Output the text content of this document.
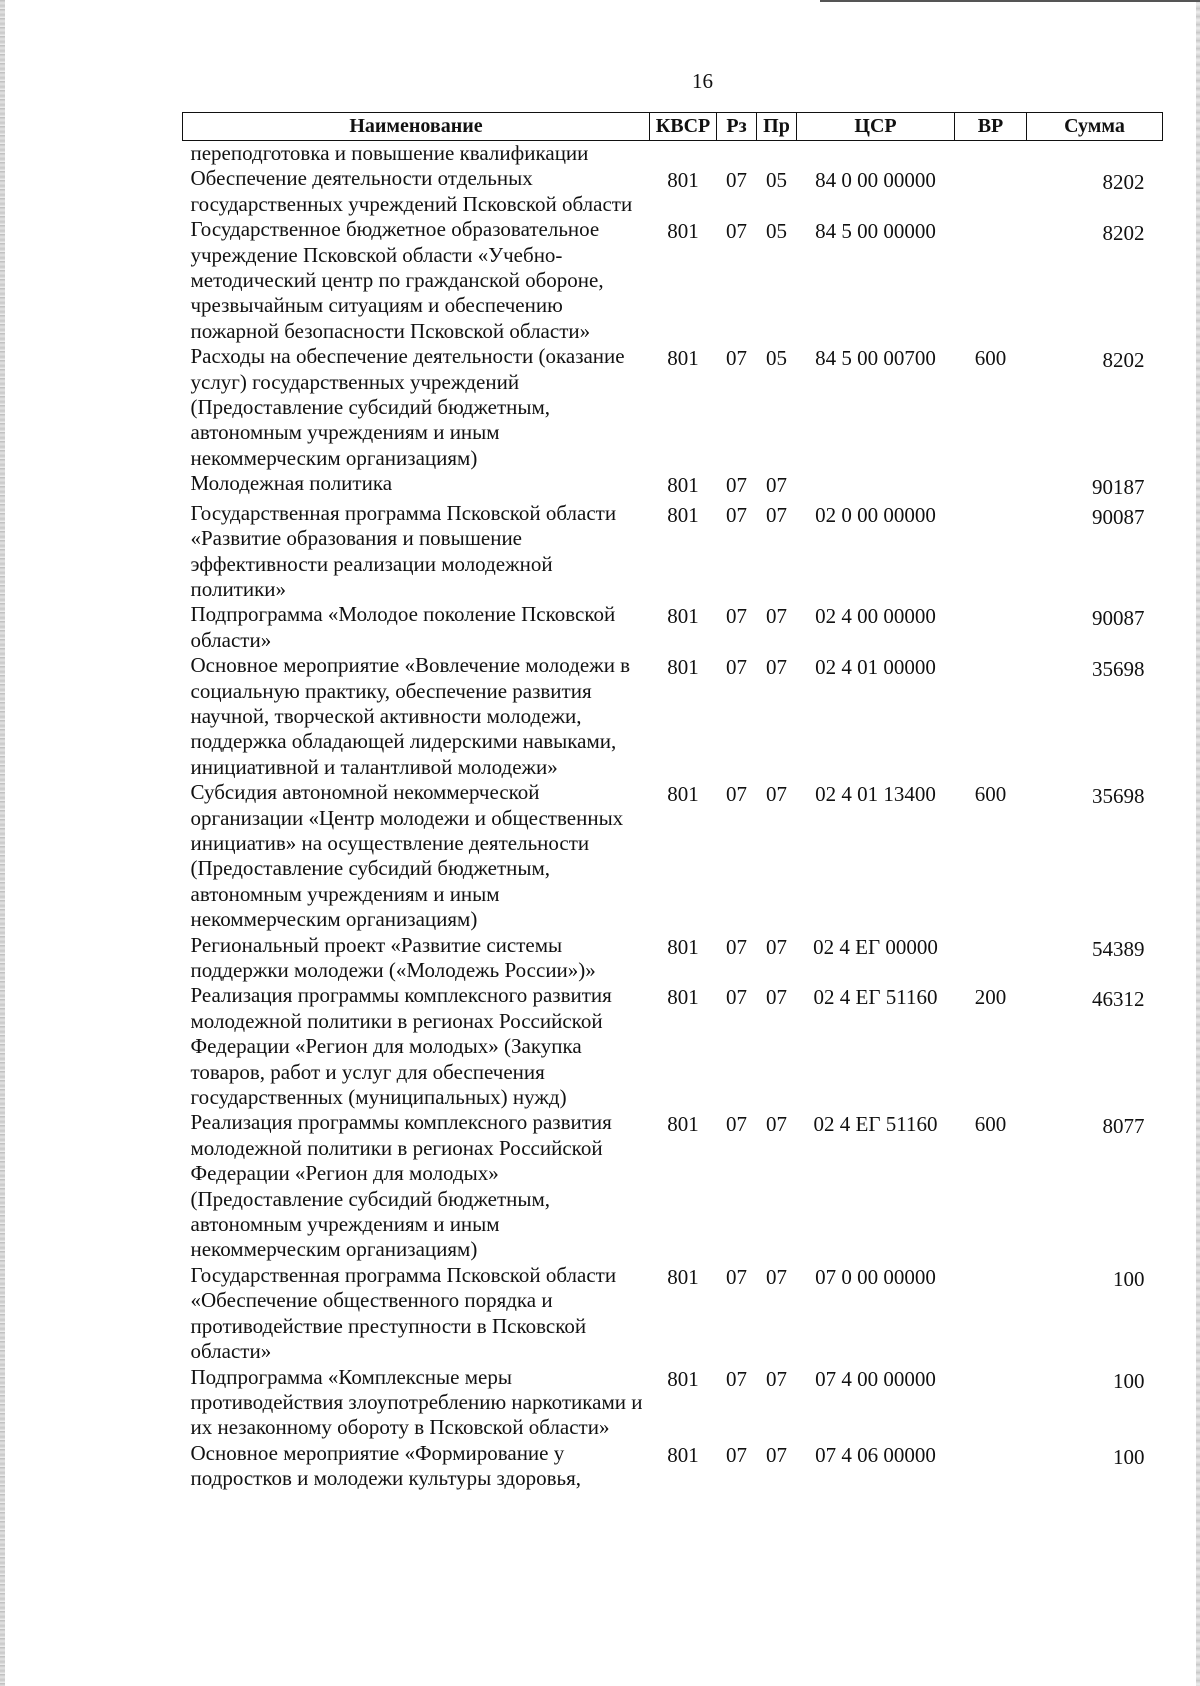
16
Наименование	КВСР	Рз	Пр	ЦСР	ВР	Сумма
переподготовка и повышение квалификации						
Обеспечение деятельности отдельных государственных учреждений Псковской области	801	07	05	84 0 00 00000		8202
Государственное бюджетное образовательное учреждение Псковской области «Учебно-методический центр по гражданской обороне, чрезвычайным ситуациям и обеспечению пожарной безопасности Псковской области»	801	07	05	84 5 00 00000		8202
Расходы на обеспечение деятельности (оказание услуг) государственных учреждений (Предоставление субсидий бюджетным, автономным учреждениям и иным некоммерческим организациям)	801	07	05	84 5 00 00700	600	8202
Молодежная политика	801	07	07			90187
Государственная программа Псковской области «Развитие образования и повышение эффективности реализации молодежной политики»	801	07	07	02 0 00 00000		90087
Подпрограмма «Молодое поколение Псковской области»	801	07	07	02 4 00 00000		90087
Основное мероприятие «Вовлечение молодежи в социальную практику, обеспечение развития научной, творческой активности молодежи, поддержка обладающей лидерскими навыками, инициативной и талантливой молодежи»	801	07	07	02 4 01 00000		35698
Субсидия автономной некоммерческой организации «Центр молодежи и общественных инициатив» на осуществление деятельности (Предоставление субсидий бюджетным, автономным учреждениям и иным некоммерческим организациям)	801	07	07	02 4 01 13400	600	35698
Региональный проект «Развитие системы поддержки молодежи («Молодежь России»)»	801	07	07	02 4 ЕГ 00000		54389
Реализация программы комплексного развития молодежной политики в регионах Российской Федерации «Регион для молодых» (Закупка товаров, работ и услуг для обеспечения государственных (муниципальных) нужд)	801	07	07	02 4 ЕГ 51160	200	46312
Реализация программы комплексного развития молодежной политики в регионах Российской Федерации «Регион для молодых» (Предоставление субсидий бюджетным, автономным учреждениям и иным некоммерческим организациям)	801	07	07	02 4 ЕГ 51160	600	8077
Государственная программа Псковской области «Обеспечение общественного порядка и противодействие преступности в Псковской области»	801	07	07	07 0 00 00000		100
Подпрограмма «Комплексные меры противодействия злоупотреблению наркотиками и их незаконному обороту в Псковской области»	801	07	07	07 4 00 00000		100
Основное мероприятие «Формирование у подростков и молодежи культуры здоровья,	801	07	07	07 4 06 00000		100
